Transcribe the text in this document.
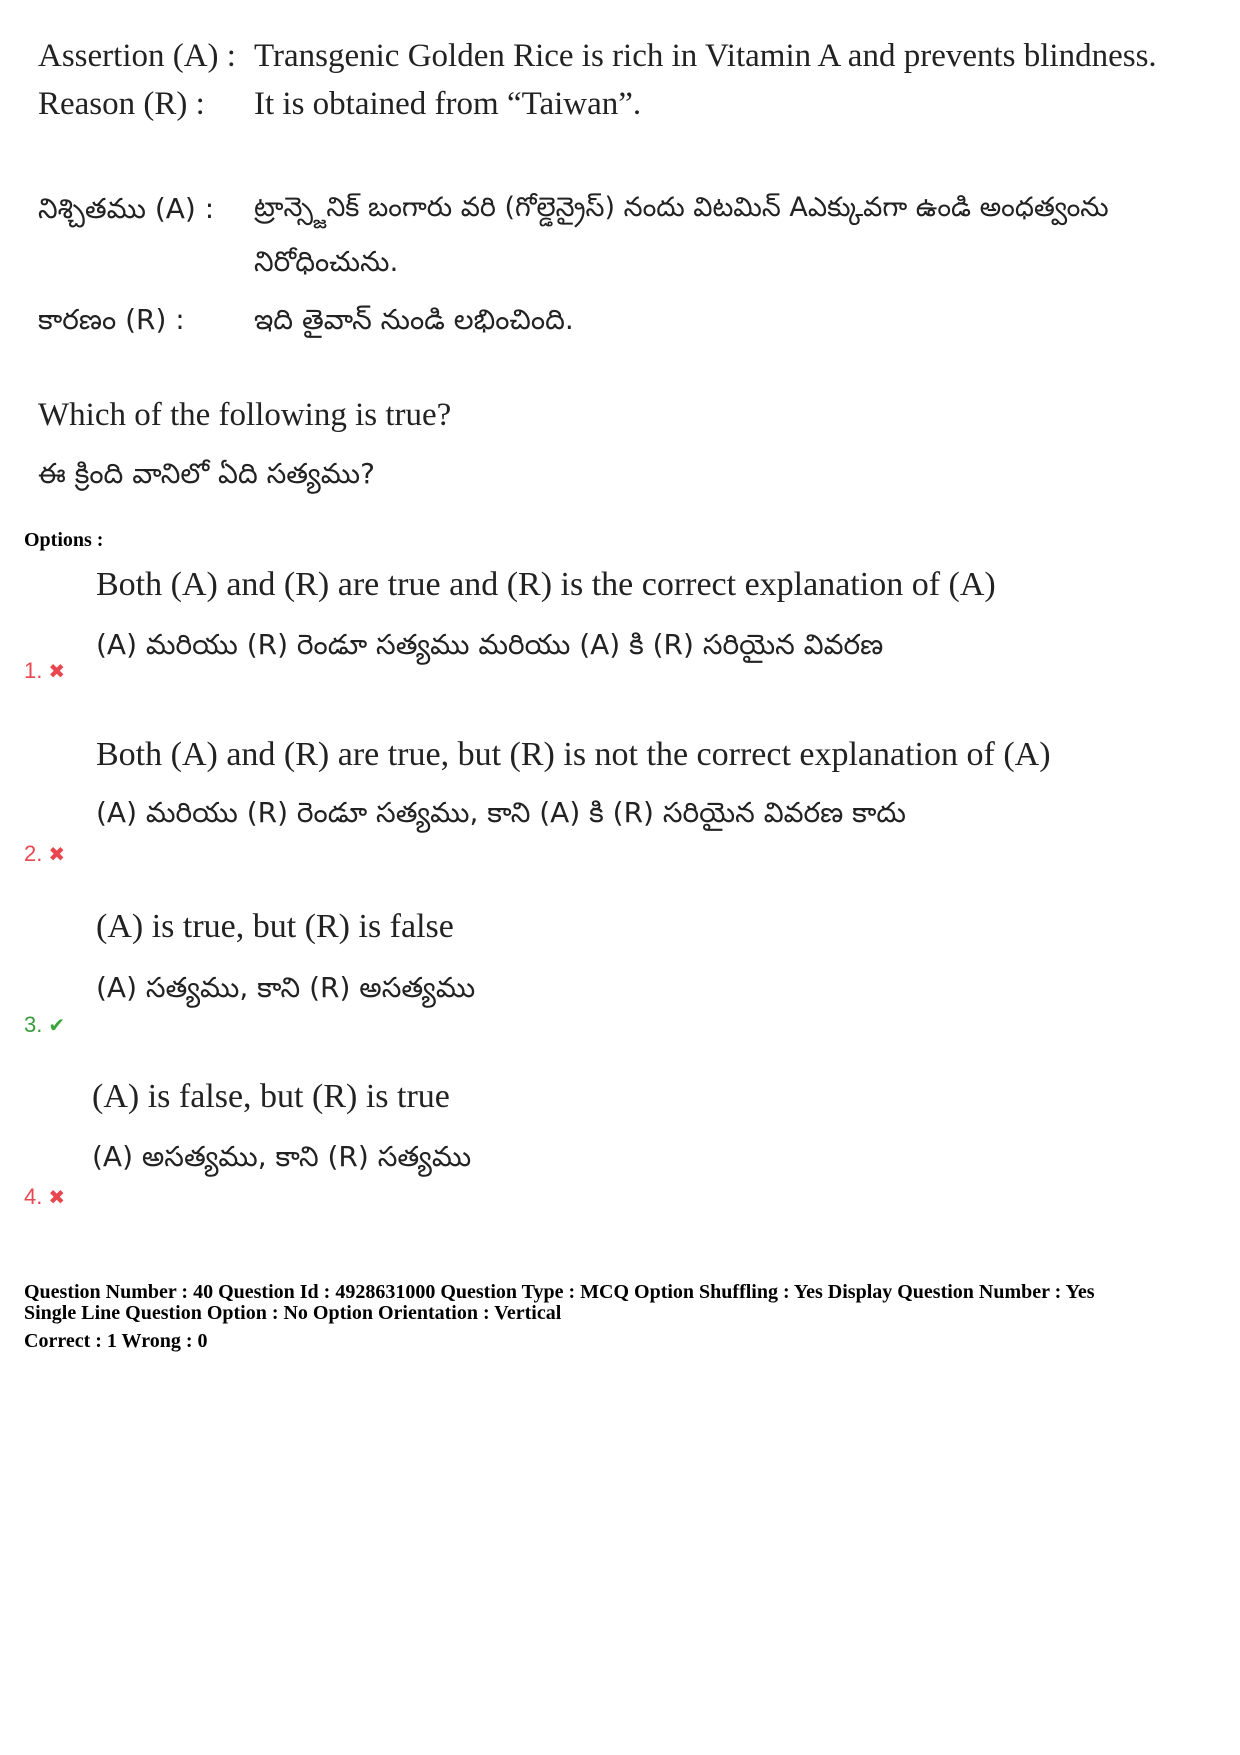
Assertion (A) : Transgenic Golden Rice is rich in Vitamin A and prevents blindness.
Reason (R) : It is obtained from “Taiwan”.
నిశ్చితము (A) : ట్రాన్స్జెనిక్ బంగారు వరి (గోల్డెన్రైస్) నందు విటమిన్ Aఎక్కువగా ఉండి అంధత్వంను
నిరోధించును.
కారణం (R) : ఇది తైవాన్ నుండి లభించింది.
Which of the following is true?
ఈ క్రింది వానిలో ఏది సత్యము?
Options :
Both (A) and (R) are true and (R) is the correct explanation of (A)
(A) మరియు (R) రెండూ సత్యము మరియు (A) కి (R) సరియైన వివరణ
1. ✖
Both (A) and (R) are true, but (R) is not the correct explanation of (A)
(A) మరియు (R) రెండూ సత్యము, కాని (A) కి (R) సరియైన వివరణ కాదు
2. ✖
(A) is true, but (R) is false
(A) సత్యము, కాని (R) అసత్యము
3. ✔
(A) is false, but (R) is true
(A) అసత్యము, కాని (R) సత్యము
4. ✖
Question Number : 40 Question Id : 4928631000 Question Type : MCQ Option Shuffling : Yes Display Question Number : Yes
Single Line Question Option : No Option Orientation : Vertical
Correct : 1 Wrong : 0
